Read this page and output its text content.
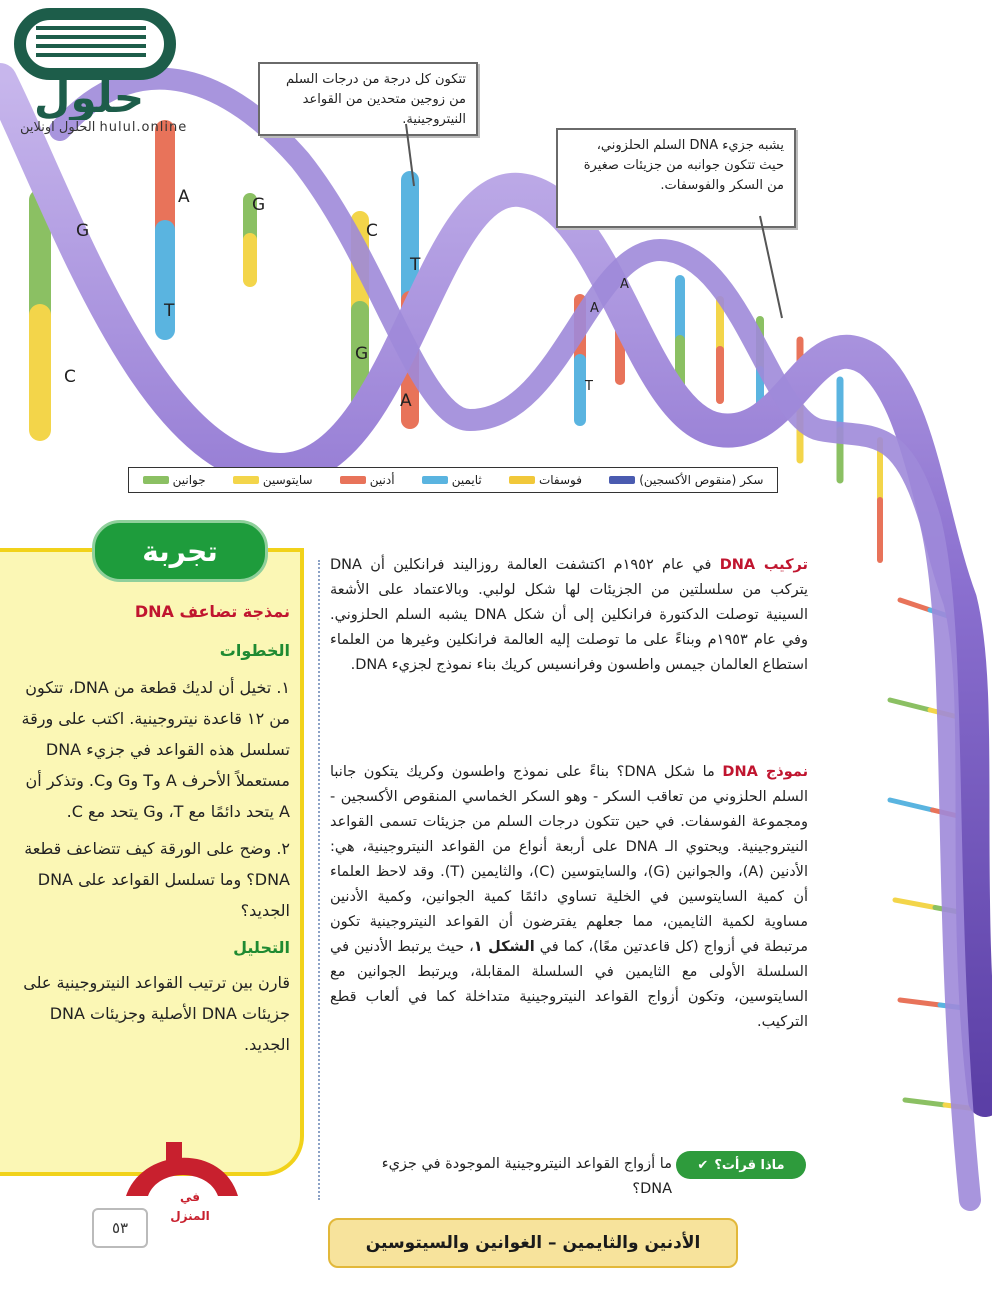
G
A	G
C
T
T
C
G
A
A
A
T
حلول
الحلول اونلاين hulul.online
تتكون كل درجة من درجات السلم من زوجين متحدين من القواعد النيتروجينية.
يشبه جزيء DNA السلم الحلزوني، حيث تتكون جوانبه من جزيئات صغيرة من السكر والفوسفات.
جوانين	سايتوسين	أدنين	ثايمين	فوسفات	سكر (منقوص الأكسجين)
تجربة
نمذجة تضاعف DNA
الخطوات
١. تخيل أن لديك قطعة من DNA، تتكون من ١٢ قاعدة نيتروجينية. اكتب على ورقة تسلسل هذه القواعد في جزيء DNA مستعملاً الأحرف A وT وG وC. وتذكر أن A يتحد دائمًا مع T، وG يتحد مع C.
٢. وضح على الورقة كيف تتضاعف قطعة DNA؟ وما تسلسل القواعد على DNA الجديد؟
التحليل
قارن بين ترتيب القواعد النيتروجينية على جزيئات DNA الأصلية وجزيئات DNA الجديد.
في المنزل
تركيب DNA في عام ١٩٥٢م اكتشفت العالمة روزاليند فرانكلين أن DNA يتركب من سلسلتين من الجزيئات لها شكل لولبي. وبالاعتماد على الأشعة السينية توصلت الدكتورة فرانكلين إلى أن شكل DNA يشبه السلم الحلزوني. وفي عام ١٩٥٣م وبناءً على ما توصلت إليه العالمة فرانكلين وغيرها من العلماء استطاع العالمان جيمس واطسون وفرانسيس كريك بناء نموذج لجزيء DNA.
نموذج DNA ما شكل DNA؟ بناءً على نموذج واطسون وكريك يتكون جانبا السلم الحلزوني من تعاقب السكر - وهو السكر الخماسي المنقوص الأكسجين - ومجموعة الفوسفات. في حين تتكون درجات السلم من جزيئات تسمى القواعد النيتروجينية. ويحتوي الـ DNA على أربعة أنواع من القواعد النيتروجينية، هي: الأدنين (A)، والجوانين (G)، والسايتوسين (C)، والثايمين (T). وقد لاحظ العلماء أن كمية السايتوسين في الخلية تساوي دائمًا كمية الجوانين، وكمية الأدنين مساوية لكمية الثايمين، مما جعلهم يفترضون أن القواعد النيتروجينية تكون مرتبطة في أزواج (كل قاعدتين معًا)، كما في الشكل ١، حيث يرتبط الأدنين في السلسلة الأولى مع الثايمين في السلسلة المقابلة، ويرتبط الجوانين مع السايتوسين، وتكون أزواج القواعد النيتروجينية متداخلة كما في ألعاب قطع التركيب.
ماذا قرأت؟
✔
ما أزواج القواعد النيتروجينية الموجودة في جزيء DNA؟
٥٣
الأدنين والثايمين – الغوانين والسيتوسين
